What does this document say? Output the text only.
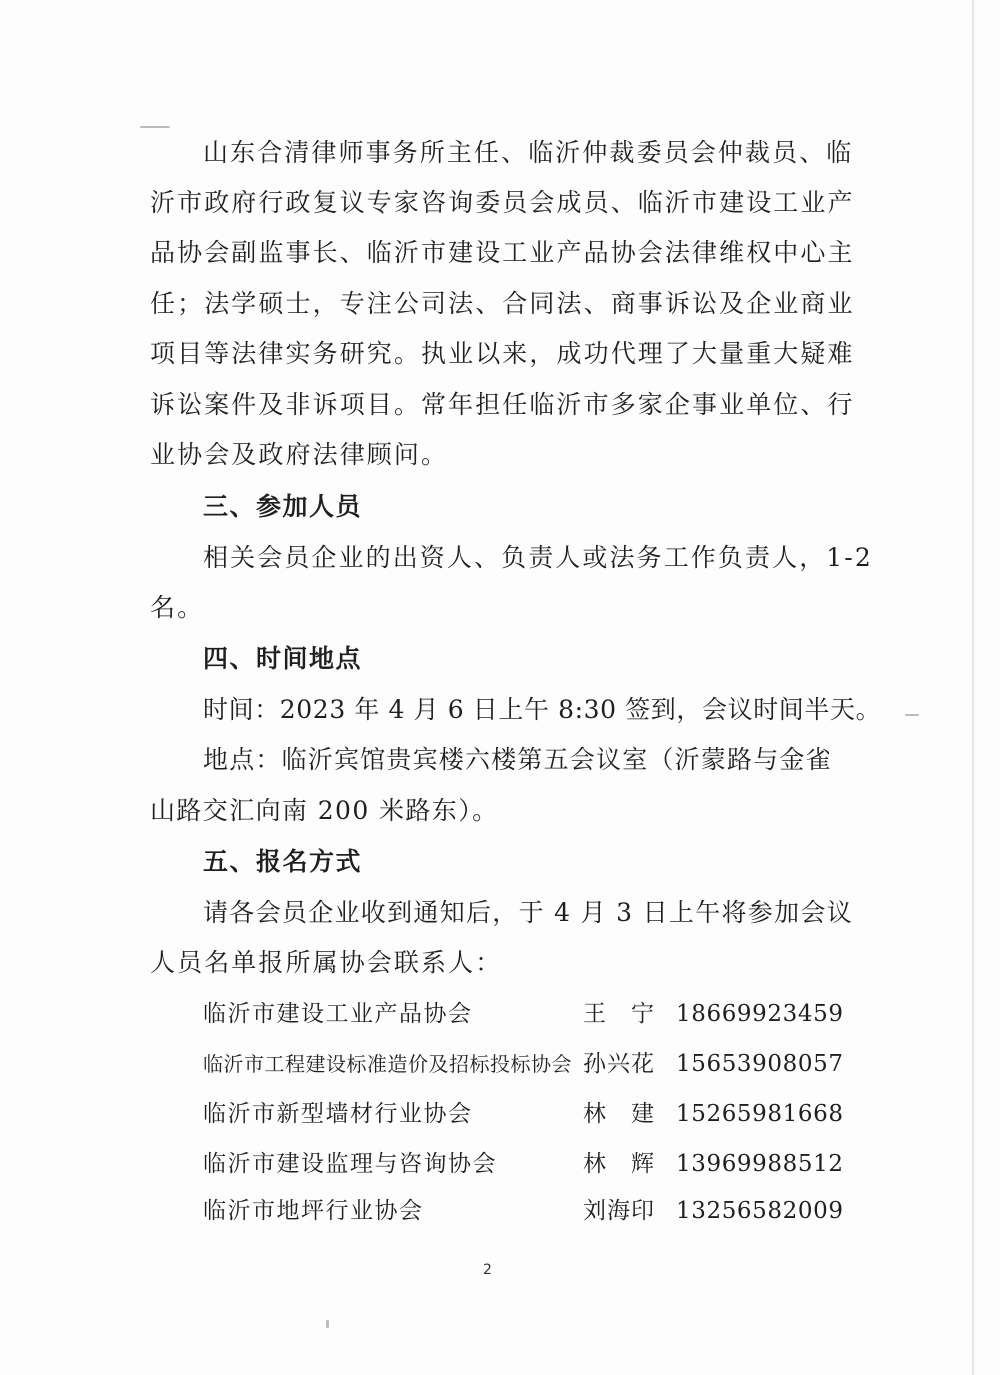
山东合清律师事务所主任、临沂仲裁委员会仲裁员、临
沂市政府行政复议专家咨询委员会成员、临沂市建设工业产
品协会副监事长、临沂市建设工业产品协会法律维权中心主
任；法学硕士，专注公司法、合同法、商事诉讼及企业商业
项目等法律实务研究。执业以来，成功代理了大量重大疑难
诉讼案件及非诉项目。常年担任临沂市多家企事业单位、行
业协会及政府法律顾问。
三、参加人员
相关会员企业的出资人、负责人或法务工作负责人，1-2
名。
四、时间地点
时间：2023 年 4 月 6 日上午 8:30 签到，会议时间半天。
地点：临沂宾馆贵宾楼六楼第五会议室（沂蒙路与金雀
山路交汇向南 200 米路东）。
五、报名方式
请各会员企业收到通知后，于 4 月 3 日上午将参加会议
人员名单报所属协会联系人：
临沂市建设工业产品协会	王　宁 18669923459
临沂市工程建设标准造价及招标投标协会 孙兴花 15653908057
临沂市新型墙材行业协会	林　建 15265981668
临沂市建设监理与咨询协会	林　辉 13969988512
临沂市地坪行业协会	刘海印 13256582009
2
